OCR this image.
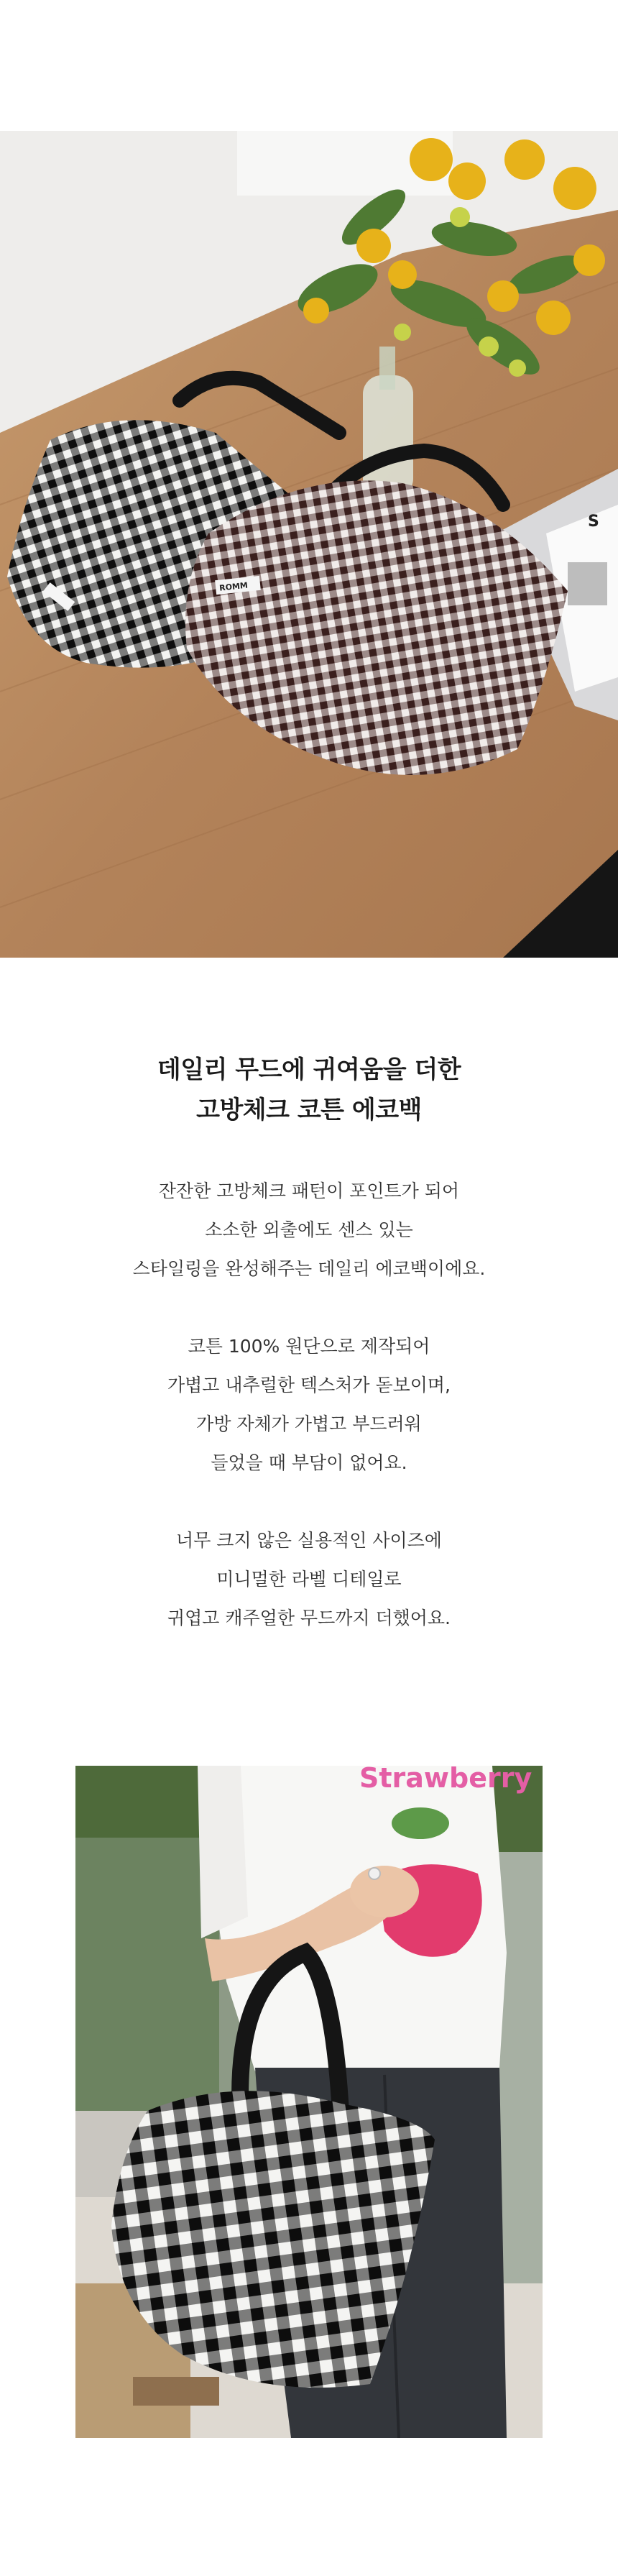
S
ROMM

데일리 무드에 귀여움을 더한

고방체크 코튼 에코백

잔잔한 고방체크 패턴이 포인트가 되어

소소한 외출에도 센스 있는

스타일링을 완성해주는 데일리 에코백이에요.

코튼 100% 원단으로 제작되어

가볍고 내추럴한 텍스처가 돋보이며,

가방 자체가 가볍고 부드러워

들었을 때 부담이 없어요.

너무 크지 않은 실용적인 사이즈에

미니멀한 라벨 디테일로

귀엽고 캐주얼한 무드까지 더했어요.

Strawberry
